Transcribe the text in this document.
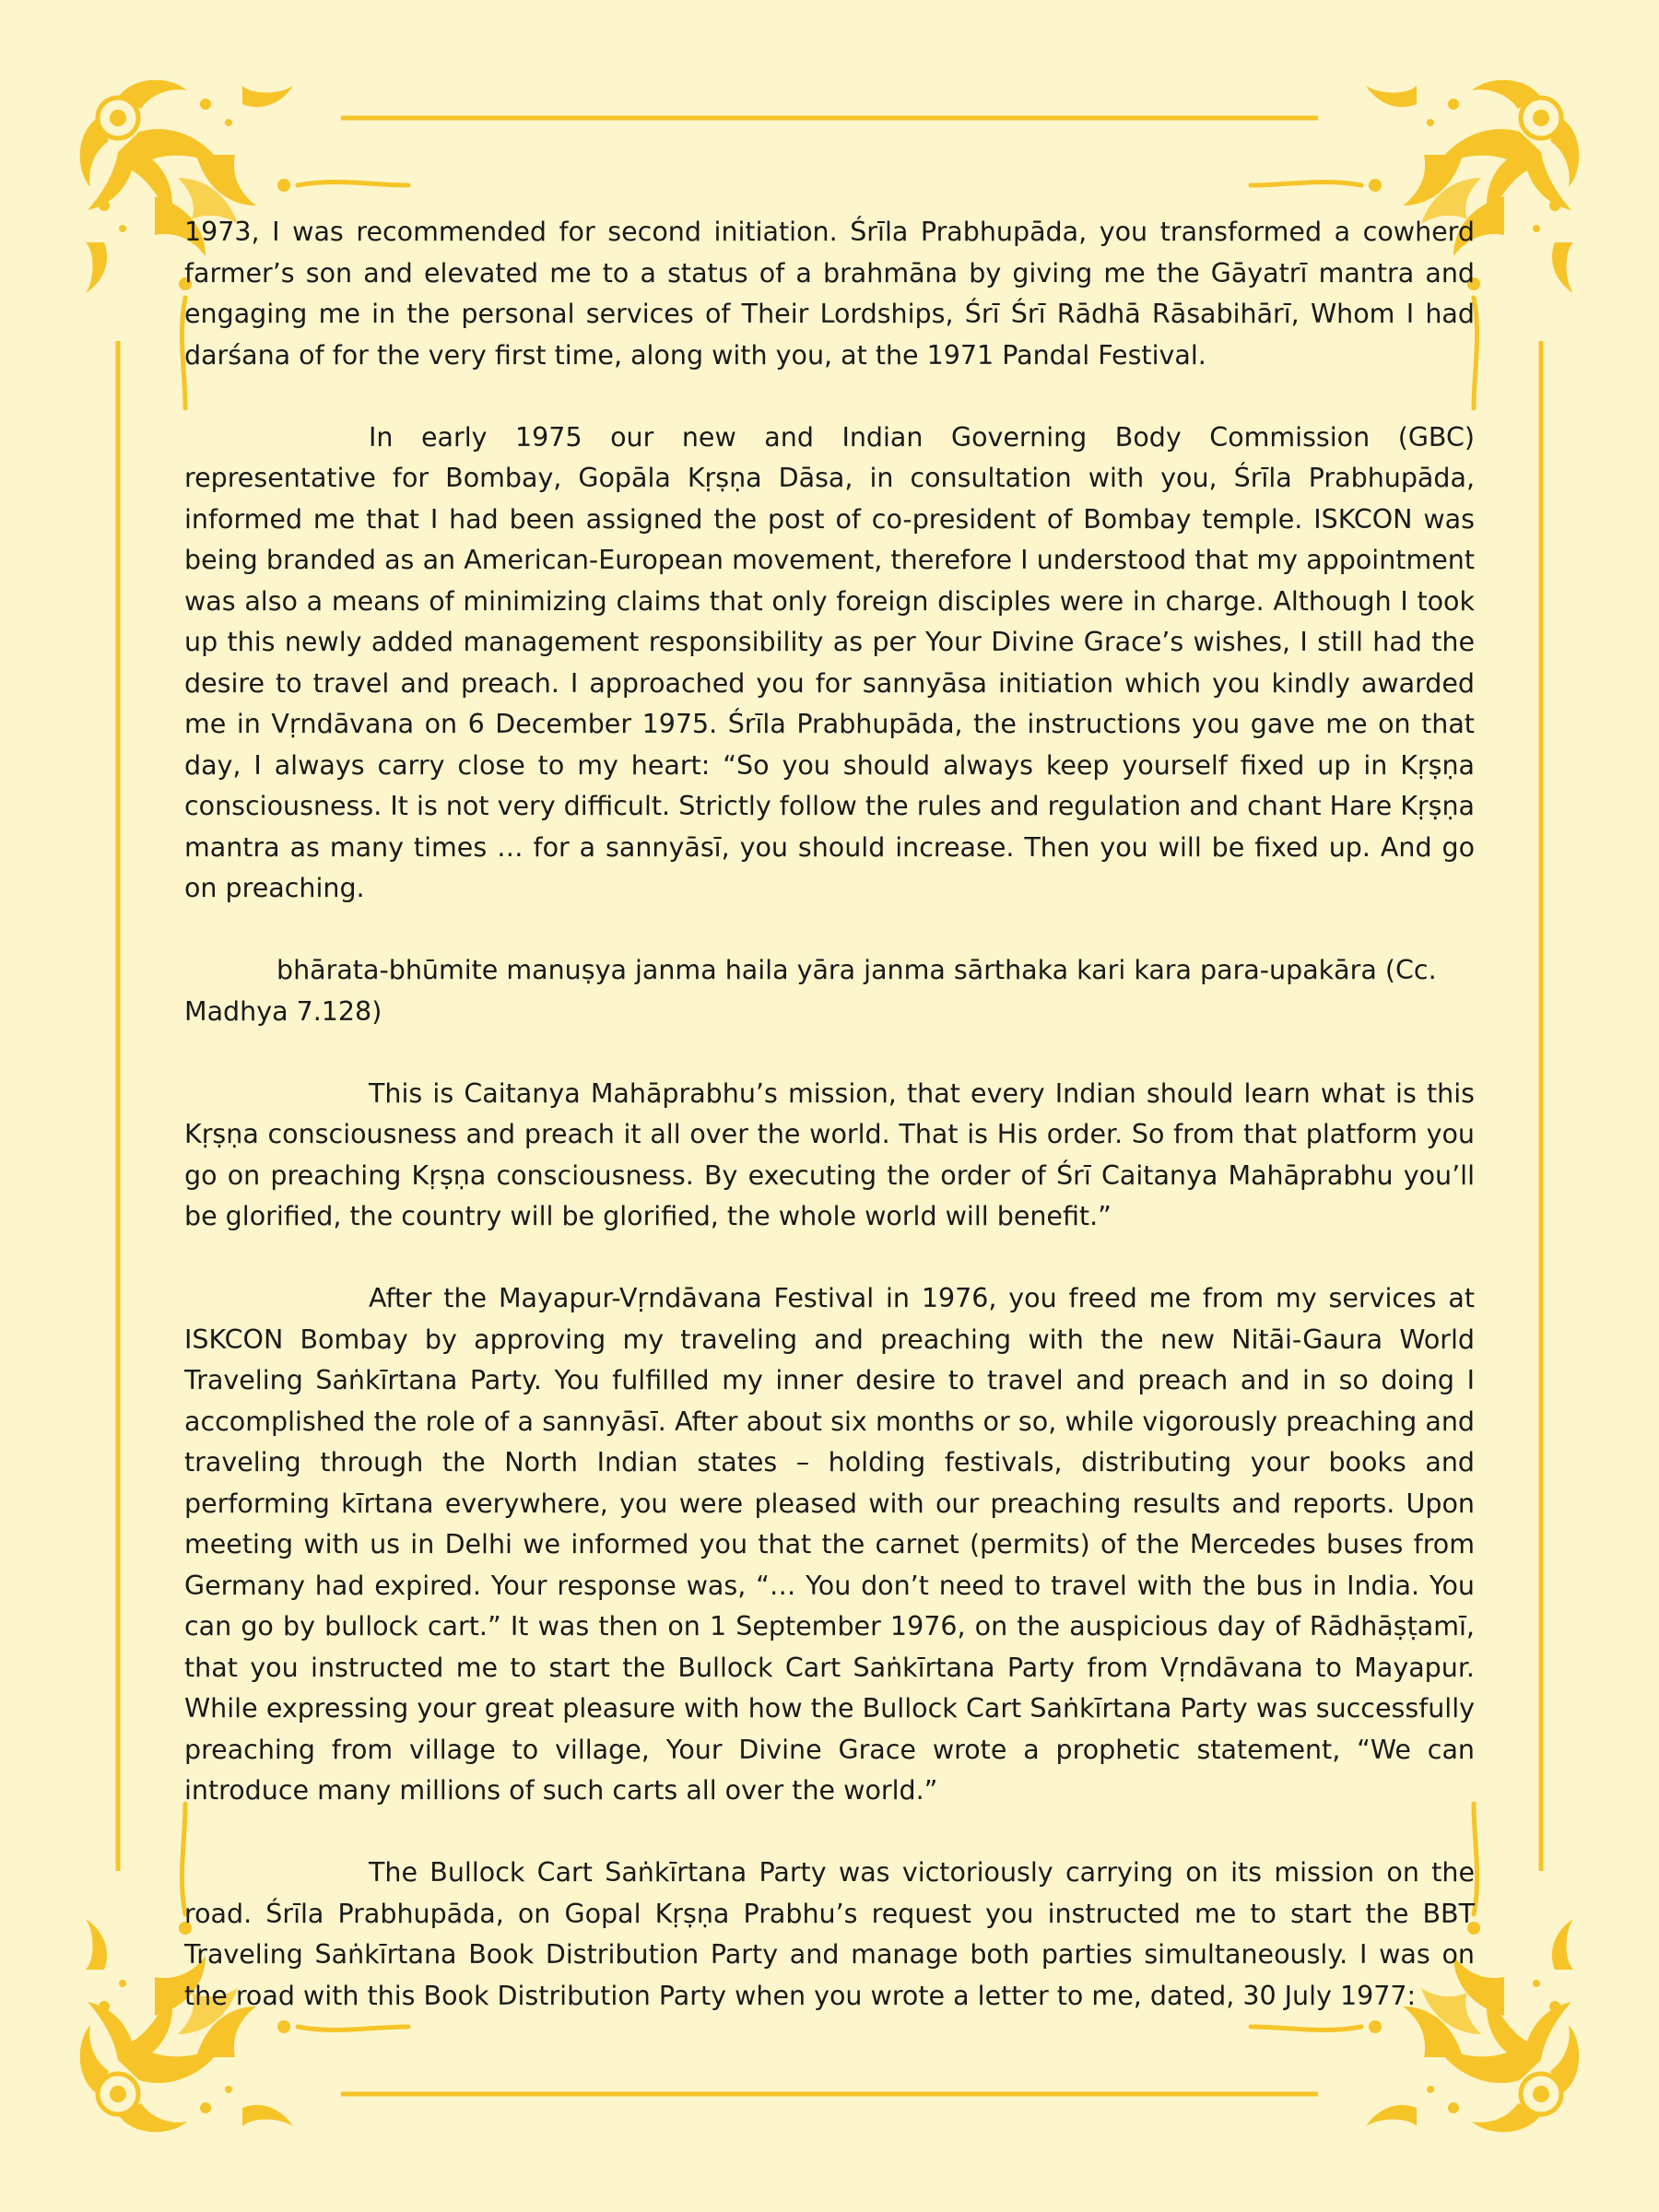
1973, I was recommended for second initiation. Śrīla Prabhupāda, you transformed a cowherd farmer’s son and elevated me to a status of a brahmāna by giving me the Gāyatrī mantra and engaging me in the personal services of Their Lordships, Śrī Śrī Rādhā Rāsabihārī, Whom I had darśana of for the very first time, along with you, at the 1971 Pandal Festival.

In early 1975 our new and Indian Governing Body Commission (GBC) representative for Bombay, Gopāla Kṛṣṇa Dāsa, in consultation with you, Śrīla Prabhupāda, informed me that I had been assigned the post of co-president of Bombay temple. ISKCON was being branded as an American-European movement, therefore I understood that my appointment was also a means of minimizing claims that only foreign disciples were in charge. Although I took up this newly added management responsibility as per Your Divine Grace’s wishes, I still had the desire to travel and preach. I approached you for sannyāsa initiation which you kindly awarded me in Vṛndāvana on 6 December 1975. Śrīla Prabhupāda, the instructions you gave me on that day, I always carry close to my heart: “So you should always keep yourself fixed up in Kṛṣṇa consciousness. It is not very difficult. Strictly follow the rules and regulation and chant Hare Kṛṣṇa mantra as many times … for a sannyāsī, you should increase. Then you will be fixed up. And go on preaching.

bhārata-bhūmite manuṣya janma haila yāra janma sārthaka kari kara para-upakāra (Cc. Madhya 7.128)

This is Caitanya Mahāprabhu’s mission, that every Indian should learn what is this Kṛṣṇa consciousness and preach it all over the world. That is His order. So from that platform you go on preaching Kṛṣṇa consciousness. By executing the order of Śrī Caitanya Mahāprabhu you’ll be glorified, the country will be glorified, the whole world will benefit.”

After the Mayapur-Vṛndāvana Festival in 1976, you freed me from my services at ISKCON Bombay by approving my traveling and preaching with the new Nitāi-Gaura World Traveling Saṅkīrtana Party. You fulfilled my inner desire to travel and preach and in so doing I accomplished the role of a sannyāsī. After about six months or so, while vigorously preaching and traveling through the North Indian states – holding festivals, distributing your books and performing kīrtana everywhere, you were pleased with our preaching results and reports. Upon meeting with us in Delhi we informed you that the carnet (permits) of the Mercedes buses from Germany had expired. Your response was, “… You don’t need to travel with the bus in India. You can go by bullock cart.” It was then on 1 September 1976, on the auspicious day of Rādhāṣṭamī, that you instructed me to start the Bullock Cart Saṅkīrtana Party from Vṛndāvana to Mayapur. While expressing your great pleasure with how the Bullock Cart Saṅkīrtana Party was successfully preaching from village to village, Your Divine Grace wrote a prophetic statement, “We can introduce many millions of such carts all over the world.”

The Bullock Cart Saṅkīrtana Party was victoriously carrying on its mission on the road. Śrīla Prabhupāda, on Gopal Kṛṣṇa Prabhu’s request you instructed me to start the BBT Traveling Saṅkīrtana Book Distribution Party and manage both parties simultaneously. I was on the road with this Book Distribution Party when you wrote a letter to me, dated, 30 July 1977:
